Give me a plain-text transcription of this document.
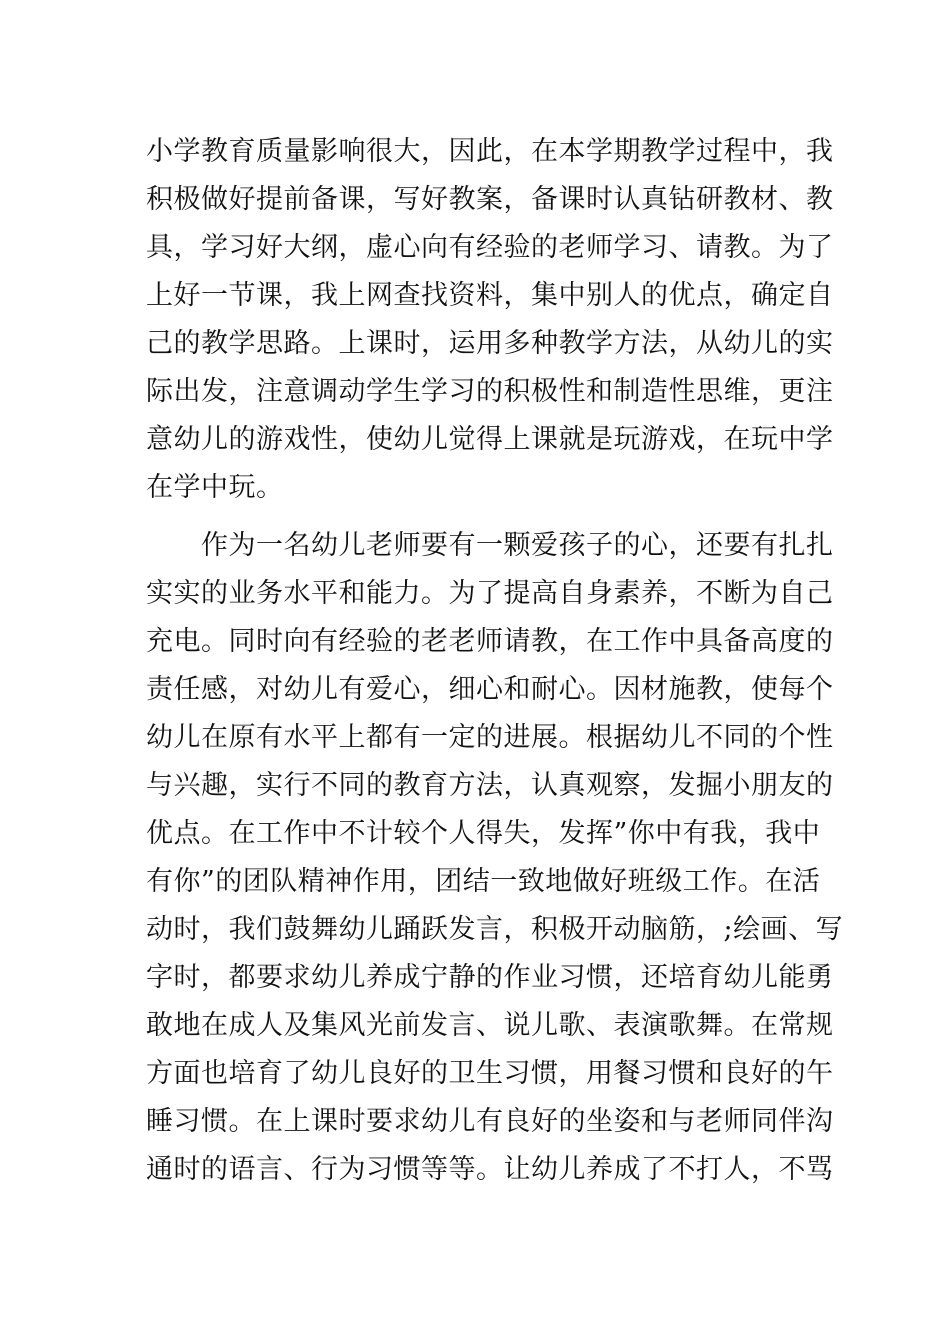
小学教育质量影响很大，因此，在本学期教学过程中，我
积极做好提前备课，写好教案，备课时认真钻研教材、教
具，学习好大纲，虚心向有经验的老师学习、请教。为了
上好一节课，我上网查找资料，集中别人的优点，确定自
己的教学思路。上课时，运用多种教学方法，从幼儿的实
际出发，注意调动学生学习的积极性和制造性思维，更注
意幼儿的游戏性，使幼儿觉得上课就是玩游戏，在玩中学
在学中玩。
　　作为一名幼儿老师要有一颗爱孩子的心，还要有扎扎
实实的业务水平和能力。为了提高自身素养，不断为自己
充电。同时向有经验的老老师请教，在工作中具备高度的
责任感，对幼儿有爱心，细心和耐心。因材施教，使每个
幼儿在原有水平上都有一定的进展。根据幼儿不同的个性
与兴趣，实行不同的教育方法，认真观察，发掘小朋友的
优点。在工作中不计较个人得失，发挥”你中有我，我中
有你”的团队精神作用，团结一致地做好班级工作。在活
动时，我们鼓舞幼儿踊跃发言，积极开动脑筋，;绘画、写
字时，都要求幼儿养成宁静的作业习惯，还培育幼儿能勇
敢地在成人及集风光前发言、说儿歌、表演歌舞。在常规
方面也培育了幼儿良好的卫生习惯，用餐习惯和良好的午
睡习惯。在上课时要求幼儿有良好的坐姿和与老师同伴沟
通时的语言、行为习惯等等。让幼儿养成了不打人，不骂
